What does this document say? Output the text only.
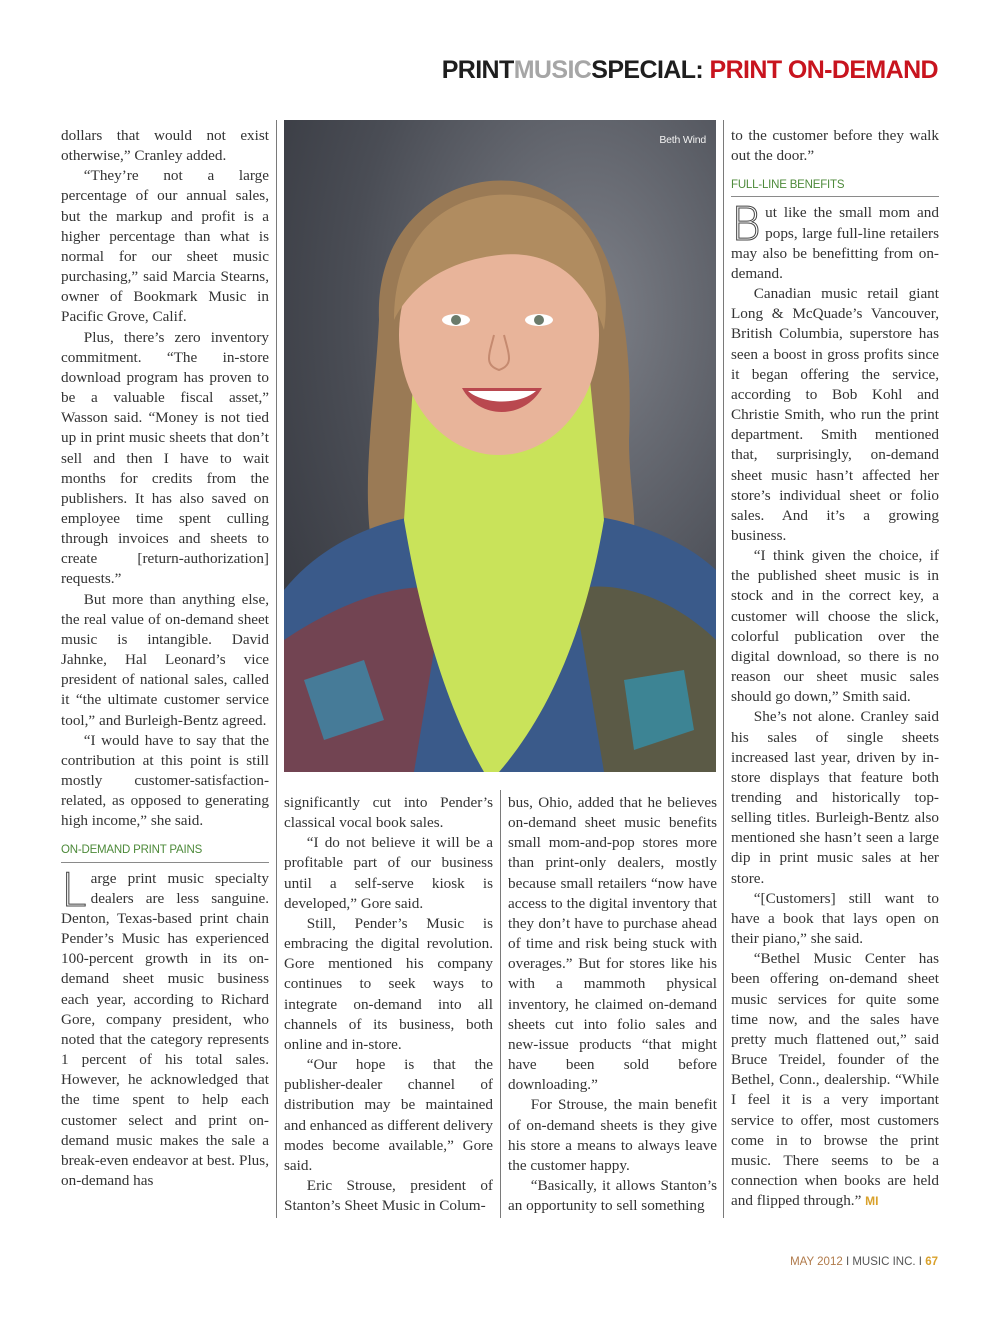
PRINTMUSICSPECIAL: PRINT ON-DEMAND

dollars that would not exist otherwise,” Cranley added.

“They’re not a large percentage of our annual sales, but the markup and profit is a higher percentage than what is normal for our sheet music purchasing,” said Marcia Stearns, owner of Bookmark Music in Pacific Grove, Calif.

Plus, there’s zero inventory commitment. “The in-store download program has proven to be a valuable fiscal asset,” Wasson said. “Money is not tied up in print music sheets that don’t sell and then I have to wait months for credits from the publishers. It has also saved on employee time spent culling through invoices and sheets to create [return-authorization] requests.”

But more than anything else, the real value of on-demand sheet music is intangible. David Jahnke, Hal Leonard’s vice president of national sales, called it “the ultimate customer service tool,” and Burleigh-Bentz agreed.

“I would have to say that the contribution at this point is still mostly customer-satisfaction-related, as opposed to generating high income,” she said.

ON-DEMAND PRINT PAINS

Large print music specialty dealers are less sanguine. Denton, Texas-based print chain Pender’s Music has experienced 100-percent growth in its on-demand sheet music business each year, according to Richard Gore, company president, who noted that the category represents 1 percent of his total sales. However, he acknowledged that the time spent to help each customer select and print on-demand music makes the sale a break-even endeavor at best. Plus, on-demand has

Beth Wind

significantly cut into Pender’s classical vocal book sales.

“I do not believe it will be a profitable part of our business until a self-serve kiosk is developed,” Gore said.

Still, Pender’s Music is embracing the digital revolution. Gore mentioned his company continues to seek ways to integrate on-demand into all channels of its business, both online and in-store.

“Our hope is that the publisher-dealer channel of distribution may be maintained and enhanced as different delivery modes become available,” Gore said.

Eric Strouse, president of Stanton’s Sheet Music in Colum-

bus, Ohio, added that he believes on-demand sheet music benefits small mom-and-pop stores more than print-only dealers, mostly because small retailers “now have access to the digital inventory that they don’t have to purchase ahead of time and risk being stuck with overages.” But for stores like his with a mammoth physical inventory, he claimed on-demand sheets cut into folio sales and new-issue products “that might have been sold before downloading.”

For Strouse, the main benefit of on-demand sheets is they give his store a means to always leave the customer happy.

“Basically, it allows Stanton’s an opportunity to sell something

to the customer before they walk out the door.”

FULL-LINE BENEFITS

But like the small mom and pops, large full-line retailers may also be benefitting from on-demand.

Canadian music retail giant Long & McQuade’s Vancouver, British Columbia, superstore has seen a boost in gross profits since it began offering the service, according to Bob Kohl and Christie Smith, who run the print department. Smith mentioned that, surprisingly, on-demand sheet music hasn’t affected her store’s individual sheet or folio sales. And it’s a growing business.

“I think given the choice, if the published sheet music is in stock and in the correct key, a customer will choose the slick, colorful publication over the digital download, so there is no reason our sheet music sales should go down,” Smith said.

She’s not alone. Cranley said his sales of single sheets increased last year, driven by in-store displays that feature both trending and historically top-selling titles. Burleigh-Bentz also mentioned she hasn’t seen a large dip in print music sales at her store.

“[Customers] still want to have a book that lays open on their piano,” she said.

“Bethel Music Center has been offering on-demand sheet music services for quite some time now, and the sales have pretty much flattened out,” said Bruce Treidel, founder of the Bethel, Conn., dealership. “While I feel it is a very important service to offer, most customers come in to browse the print music. There seems to be a connection when books are held and flipped through.” MI

MAY 2012 I MUSIC INC. I 67
